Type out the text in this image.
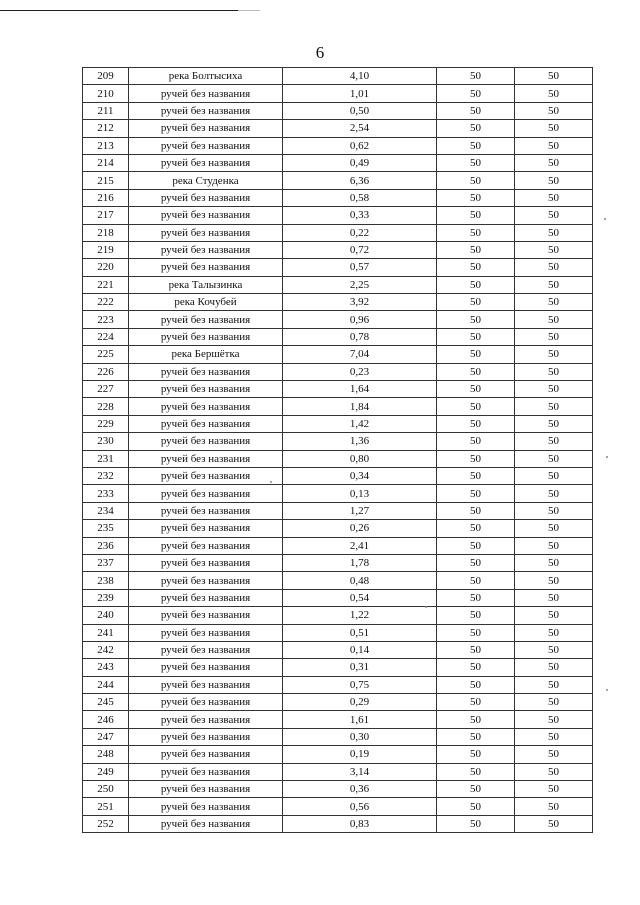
6
209	река Болтысиха	4,10	50	50
210	ручей без названия	1,01	50	50
211	ручей без названия	0,50	50	50
212	ручей без названия	2,54	50	50
213	ручей без названия	0,62	50	50
214	ручей без названия	0,49	50	50
215	река Студенка	6,36	50	50
216	ручей без названия	0,58	50	50
217	ручей без названия	0,33	50	50
218	ручей без названия	0,22	50	50
219	ручей без названия	0,72	50	50
220	ручей без названия	0,57	50	50
221	река Талызинка	2,25	50	50
222	река Кочубей	3,92	50	50
223	ручей без названия	0,96	50	50
224	ручей без названия	0,78	50	50
225	река Бершётка	7,04	50	50
226	ручей без названия	0,23	50	50
227	ручей без названия	1,64	50	50
228	ручей без названия	1,84	50	50
229	ручей без названия	1,42	50	50
230	ручей без названия	1,36	50	50
231	ручей без названия	0,80	50	50
232	ручей без названия	0,34	50	50
233	ручей без названия	0,13	50	50
234	ручей без названия	1,27	50	50
235	ручей без названия	0,26	50	50
236	ручей без названия	2,41	50	50
237	ручей без названия	1,78	50	50
238	ручей без названия	0,48	50	50
239	ручей без названия	0,54	50	50
240	ручей без названия	1,22	50	50
241	ручей без названия	0,51	50	50
242	ручей без названия	0,14	50	50
243	ручей без названия	0,31	50	50
244	ручей без названия	0,75	50	50
245	ручей без названия	0,29	50	50
246	ручей без названия	1,61	50	50
247	ручей без названия	0,30	50	50
248	ручей без названия	0,19	50	50
249	ручей без названия	3,14	50	50
250	ручей без названия	0,36	50	50
251	ручей без названия	0,56	50	50
252	ручей без названия	0,83	50	50
